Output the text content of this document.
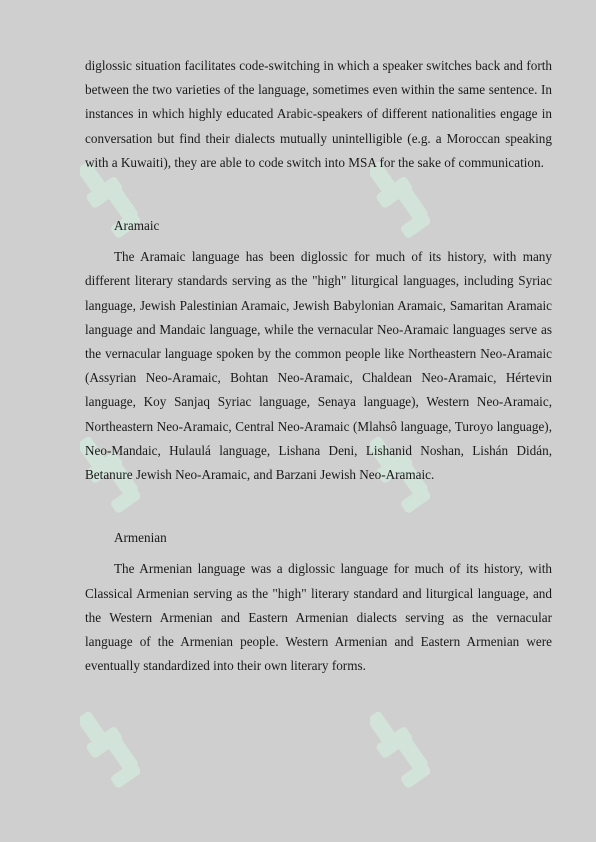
diglossic situation facilitates code-switching in which a speaker switches back and forth between the two varieties of the language, sometimes even within the same sentence. In instances in which highly educated Arabic-speakers of different nationalities engage in conversation but find their dialects mutually unintelligible (e.g. a Moroccan speaking with a Kuwaiti), they are able to code switch into MSA for the sake of communication.

Aramaic

The Aramaic language has been diglossic for much of its history, with many different literary standards serving as the "high" liturgical languages, including Syriac language, Jewish Palestinian Aramaic, Jewish Babylonian Aramaic, Samaritan Aramaic language and Mandaic language, while the vernacular Neo-Aramaic languages serve as the vernacular language spoken by the common people like Northeastern Neo-Aramaic (Assyrian Neo-Aramaic, Bohtan Neo-Aramaic, Chaldean Neo-Aramaic, Hértevin language, Koy Sanjaq Syriac language, Senaya language), Western Neo-Aramaic, Northeastern Neo-Aramaic, Central Neo-Aramaic (Mlahsô language, Turoyo language), Neo-Mandaic, Hulaulá language, Lishana Deni, Lishanid Noshan, Lishán Didán, Betanure Jewish Neo-Aramaic, and Barzani Jewish Neo-Aramaic.

Armenian

The Armenian language was a diglossic language for much of its history, with Classical Armenian serving as the "high" literary standard and liturgical language, and the Western Armenian and Eastern Armenian dialects serving as the vernacular language of the Armenian people. Western Armenian and Eastern Armenian were eventually standardized into their own literary forms.
